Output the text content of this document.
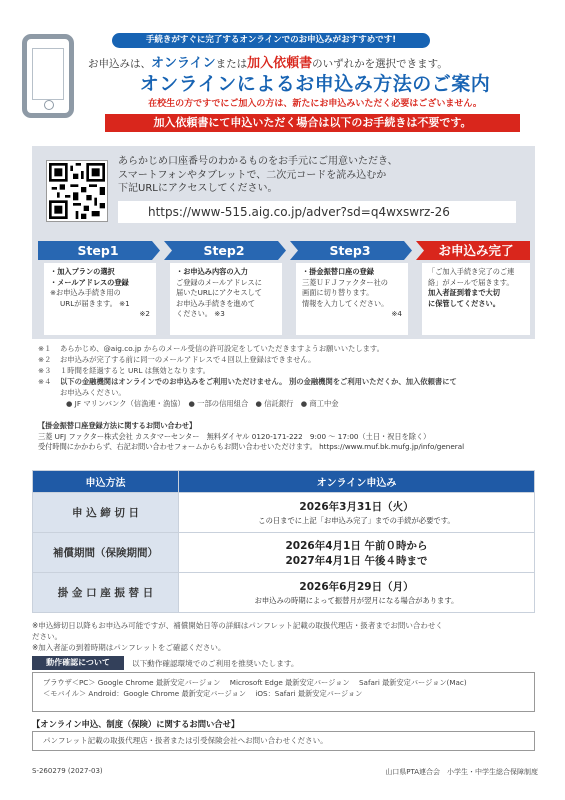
手続きがすぐに完了するオンラインでのお申込みがおすすめです!
お申込みは、オンラインまたは加入依頼書のいずれかを選択できます。
オンラインによるお申込み方法のご案内
在校生の方ですでにご加入の方は、新たにお申込みいただく必要はございません。
加入依頼書にて申込いただく場合は以下のお手続きは不要です。
あらかじめ口座番号のわかるものをお手元にご用意いただき、
スマートフォンやタブレットで、二次元コードを読み込むか
下記URLにアクセスしてください。
https://www-515.aig.co.jp/adver?sd=q4wxswrz-26
Step1	Step2	Step3	お申込み完了
・加入プランの選択
・メールアドレスの登録
※お申込み手続き用の
URLが届きます。 ※1
※2
・お申込み内容の入力
ご登録のメールアドレスに
届いたURLにアクセスして
お申込み手続きを進めて
ください。 ※3
・掛金振替口座の登録
三菱ＵＦＪファクター社の
画面に切り替ります。
情報を入力してください。
※4
「ご加入手続き完了のご連
絡」がメールで届きます。
加入者証到着まで大切
に保管してください。
※１	あらかじめ、@aig.co.jp からのメール受信の許可設定をしていただきますようお願いいたします。
※２	お申込みが完了する前に同一のメールアドレスで４回以上登録はできません。
※３	１時間を経過すると URL は無効となります。
※４	以下の金融機関はオンラインでのお申込みをご利用いただけません。 別の金融機関をご利用いただくか、加入依頼書にて
お申込みください。
● JF マリンバンク（信漁連・漁協）　● 一部の信用組合　● 信託銀行　● 商工中金
【掛金振替口座登録方法に関するお問い合わせ】
三菱 UFJ ファクター株式会社 カスタマーセンター　無料ダイヤル 0120-171-222　9:00 ～ 17:00（土日・祝日を除く）
受付時間にかかわらず、右記お問い合わせフォームからもお問い合わせいただけます。 https://www.muf.bk.mufg.jp/info/general
申込方法	オンライン申込み
申 込 締 切 日	2026年3月31日（火）
この日までに上記「お申込み完了」までの手続が必要です。

補償期間（保険期間）	2026年4月1日 午前０時から
2027年4月1日 午後４時まで

掛 金 口 座 振 替 日	2026年6月29日（月）
お申込みの時期によって振替月が翌月になる場合があります。
※申込締切日以降もお申込み可能ですが、補償開始日等の詳細はパンフレット記載の取扱代理店・扱者までお問い合わせく
ださい。
※加入者証の到着時期はパンフレットをご確認ください。
動作確認について	以下動作確認環境でのご利用を推奨いたします。
ブラウザ＜PC＞ Google Chrome 最新安定バージョン　 Microsoft Edge 最新安定バージョン　 Safari 最新安定バージョン(Mac)
＜モバイル＞ Android：Google Chrome 最新安定バージョン　 iOS：Safari 最新安定バージョン
【オンライン申込、制度（保険）に関するお問い合せ】
パンフレット記載の取扱代理店・扱者または引受保険会社へお問い合わせください。
S-260279 (2027-03)	山口県PTA連合会　小学生・中学生総合保障制度
